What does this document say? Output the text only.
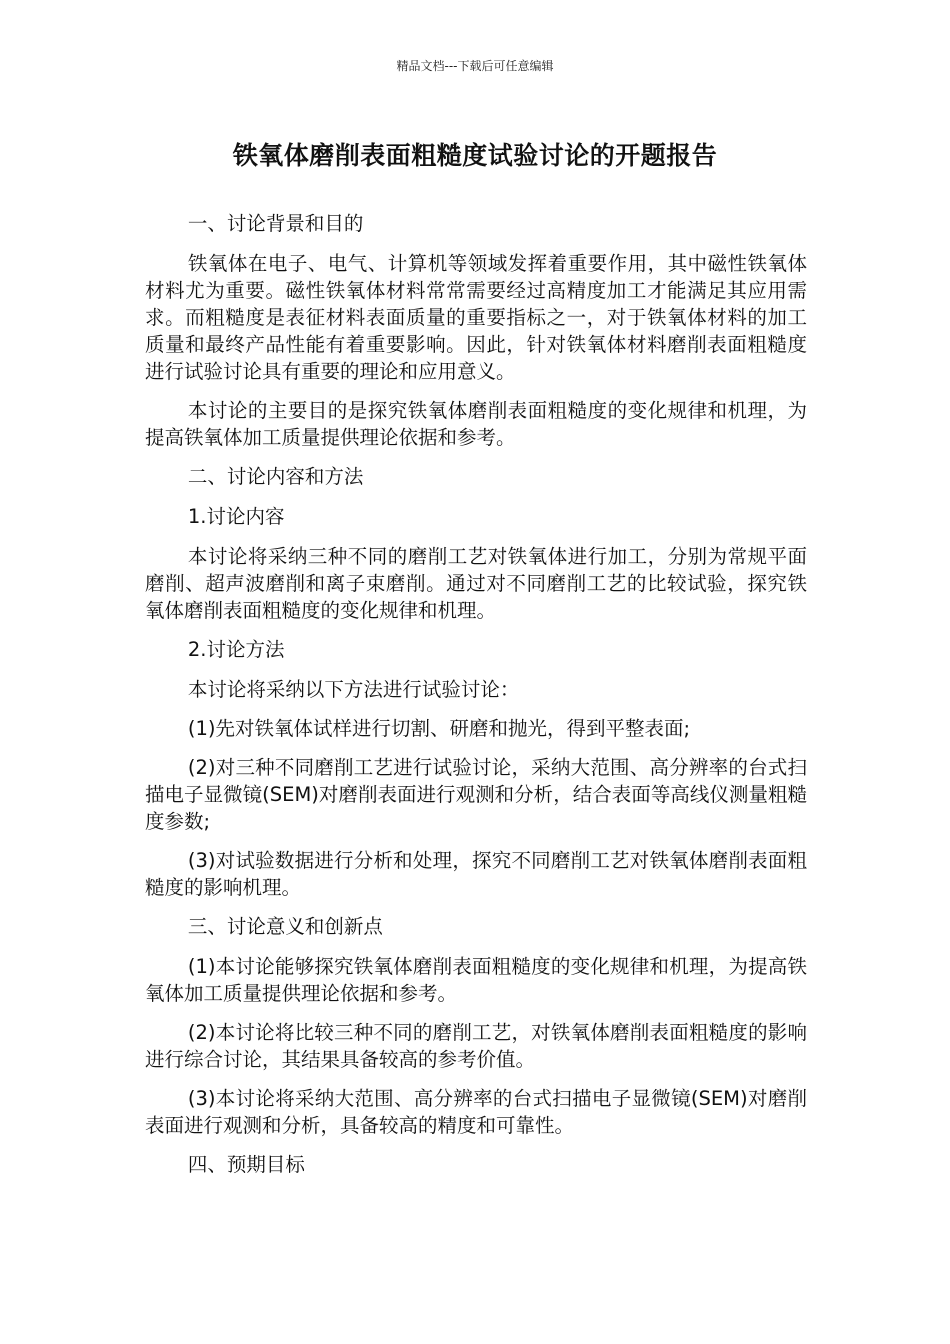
精品文档---下载后可任意编辑
铁氧体磨削表面粗糙度试验讨论的开题报告

一、讨论背景和目的

铁氧体在电子、电气、计算机等领域发挥着重要作用，其中磁性铁氧体材料尤为重要。磁性铁氧体材料常常需要经过高精度加工才能满足其应用需求。而粗糙度是表征材料表面质量的重要指标之一，对于铁氧体材料的加工质量和最终产品性能有着重要影响。因此，针对铁氧体材料磨削表面粗糙度进行试验讨论具有重要的理论和应用意义。

本讨论的主要目的是探究铁氧体磨削表面粗糙度的变化规律和机理，为提高铁氧体加工质量提供理论依据和参考。

二、讨论内容和方法

1.讨论内容

本讨论将采纳三种不同的磨削工艺对铁氧体进行加工，分别为常规平面磨削、超声波磨削和离子束磨削。通过对不同磨削工艺的比较试验，探究铁氧体磨削表面粗糙度的变化规律和机理。

2.讨论方法

本讨论将采纳以下方法进行试验讨论：

(1)先对铁氧体试样进行切割、研磨和抛光，得到平整表面;

(2)对三种不同磨削工艺进行试验讨论，采纳大范围、高分辨率的台式扫描电子显微镜(SEM)对磨削表面进行观测和分析，结合表面等高线仪测量粗糙度参数;

(3)对试验数据进行分析和处理，探究不同磨削工艺对铁氧体磨削表面粗糙度的影响机理。

三、讨论意义和创新点

(1)本讨论能够探究铁氧体磨削表面粗糙度的变化规律和机理，为提高铁氧体加工质量提供理论依据和参考。

(2)本讨论将比较三种不同的磨削工艺，对铁氧体磨削表面粗糙度的影响进行综合讨论，其结果具备较高的参考价值。

(3)本讨论将采纳大范围、高分辨率的台式扫描电子显微镜(SEM)对磨削表面进行观测和分析，具备较高的精度和可靠性。

四、预期目标
